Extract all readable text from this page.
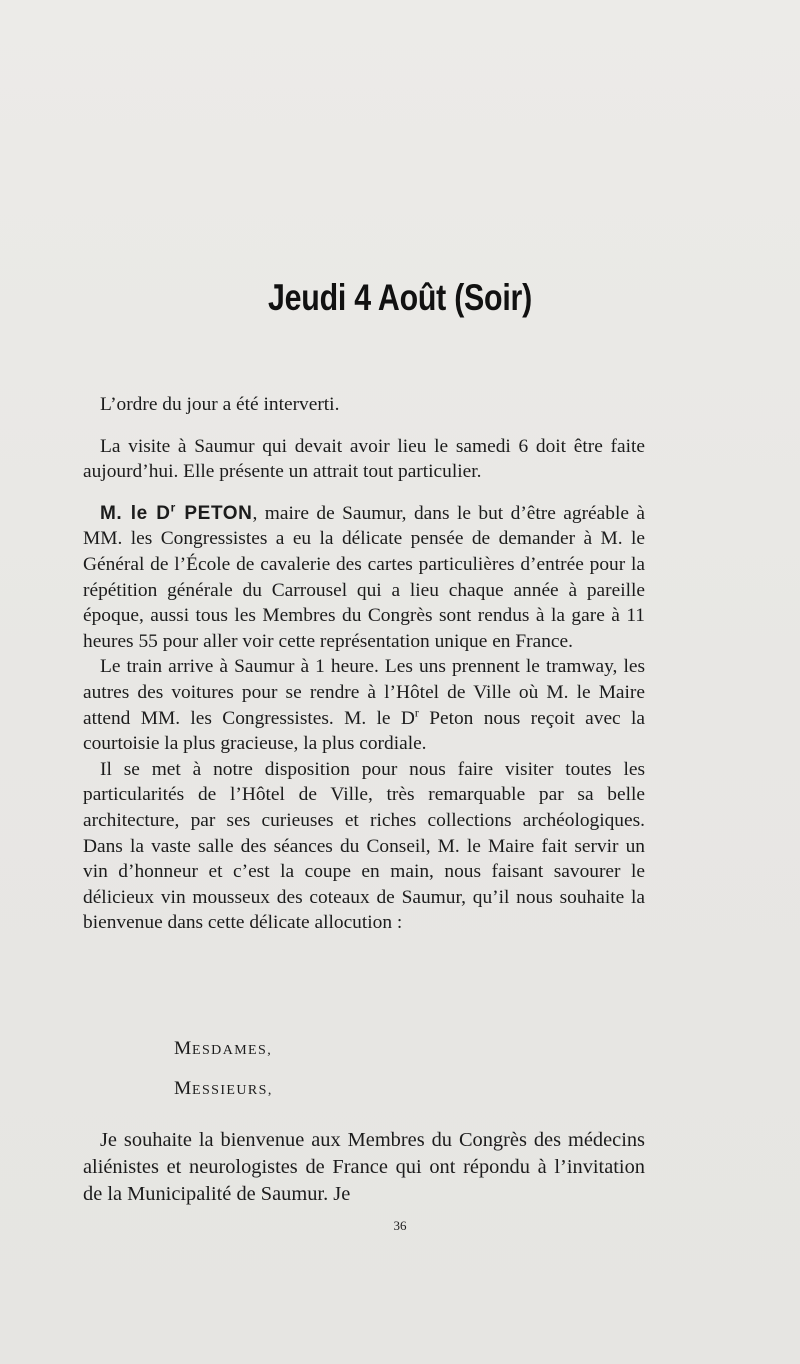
Jeudi 4 Août (Soir)

L’ordre du jour a été interverti.

La visite à Saumur qui devait avoir lieu le samedi 6 doit être faite aujourd’hui. Elle présente un attrait tout particulier.

M. le $D^r$ PETON, maire de Saumur, dans le but d’être agréable à MM. les Congressistes a eu la délicate pensée de demander à M. le Général de l’École de cavalerie des cartes particulières d’entrée pour la répétition générale du Carrousel qui a lieu chaque année à pareille époque, aussi tous les Membres du Congrès sont rendus à la gare à 11 heures 55 pour aller voir cette représentation unique en France.

Le train arrive à Saumur à 1 heure. Les uns prennent le tramway, les autres des voitures pour se rendre à l’Hôtel de Ville où M. le Maire attend MM. les Congressistes. M. le $D^r$ Peton nous reçoit avec la courtoisie la plus gracieuse, la plus cordiale.

Il se met à notre disposition pour nous faire visiter toutes les particularités de l’Hôtel de Ville, très remarquable par sa belle architecture, par ses curieuses et riches collections archéologiques. Dans la vaste salle des séances du Conseil, M. le Maire fait servir un vin d’honneur et c’est la coupe en main, nous faisant savourer le délicieux vin mousseux des coteaux de Saumur, qu’il nous souhaite la bienvenue dans cette délicate allocution :

MESDAMES,
MESSIEURS,

Je souhaite la bienvenue aux Membres du Congrès des médecins aliénistes et neurologistes de France qui ont répondu à l’invitation de la Municipalité de Saumur. Je

36
